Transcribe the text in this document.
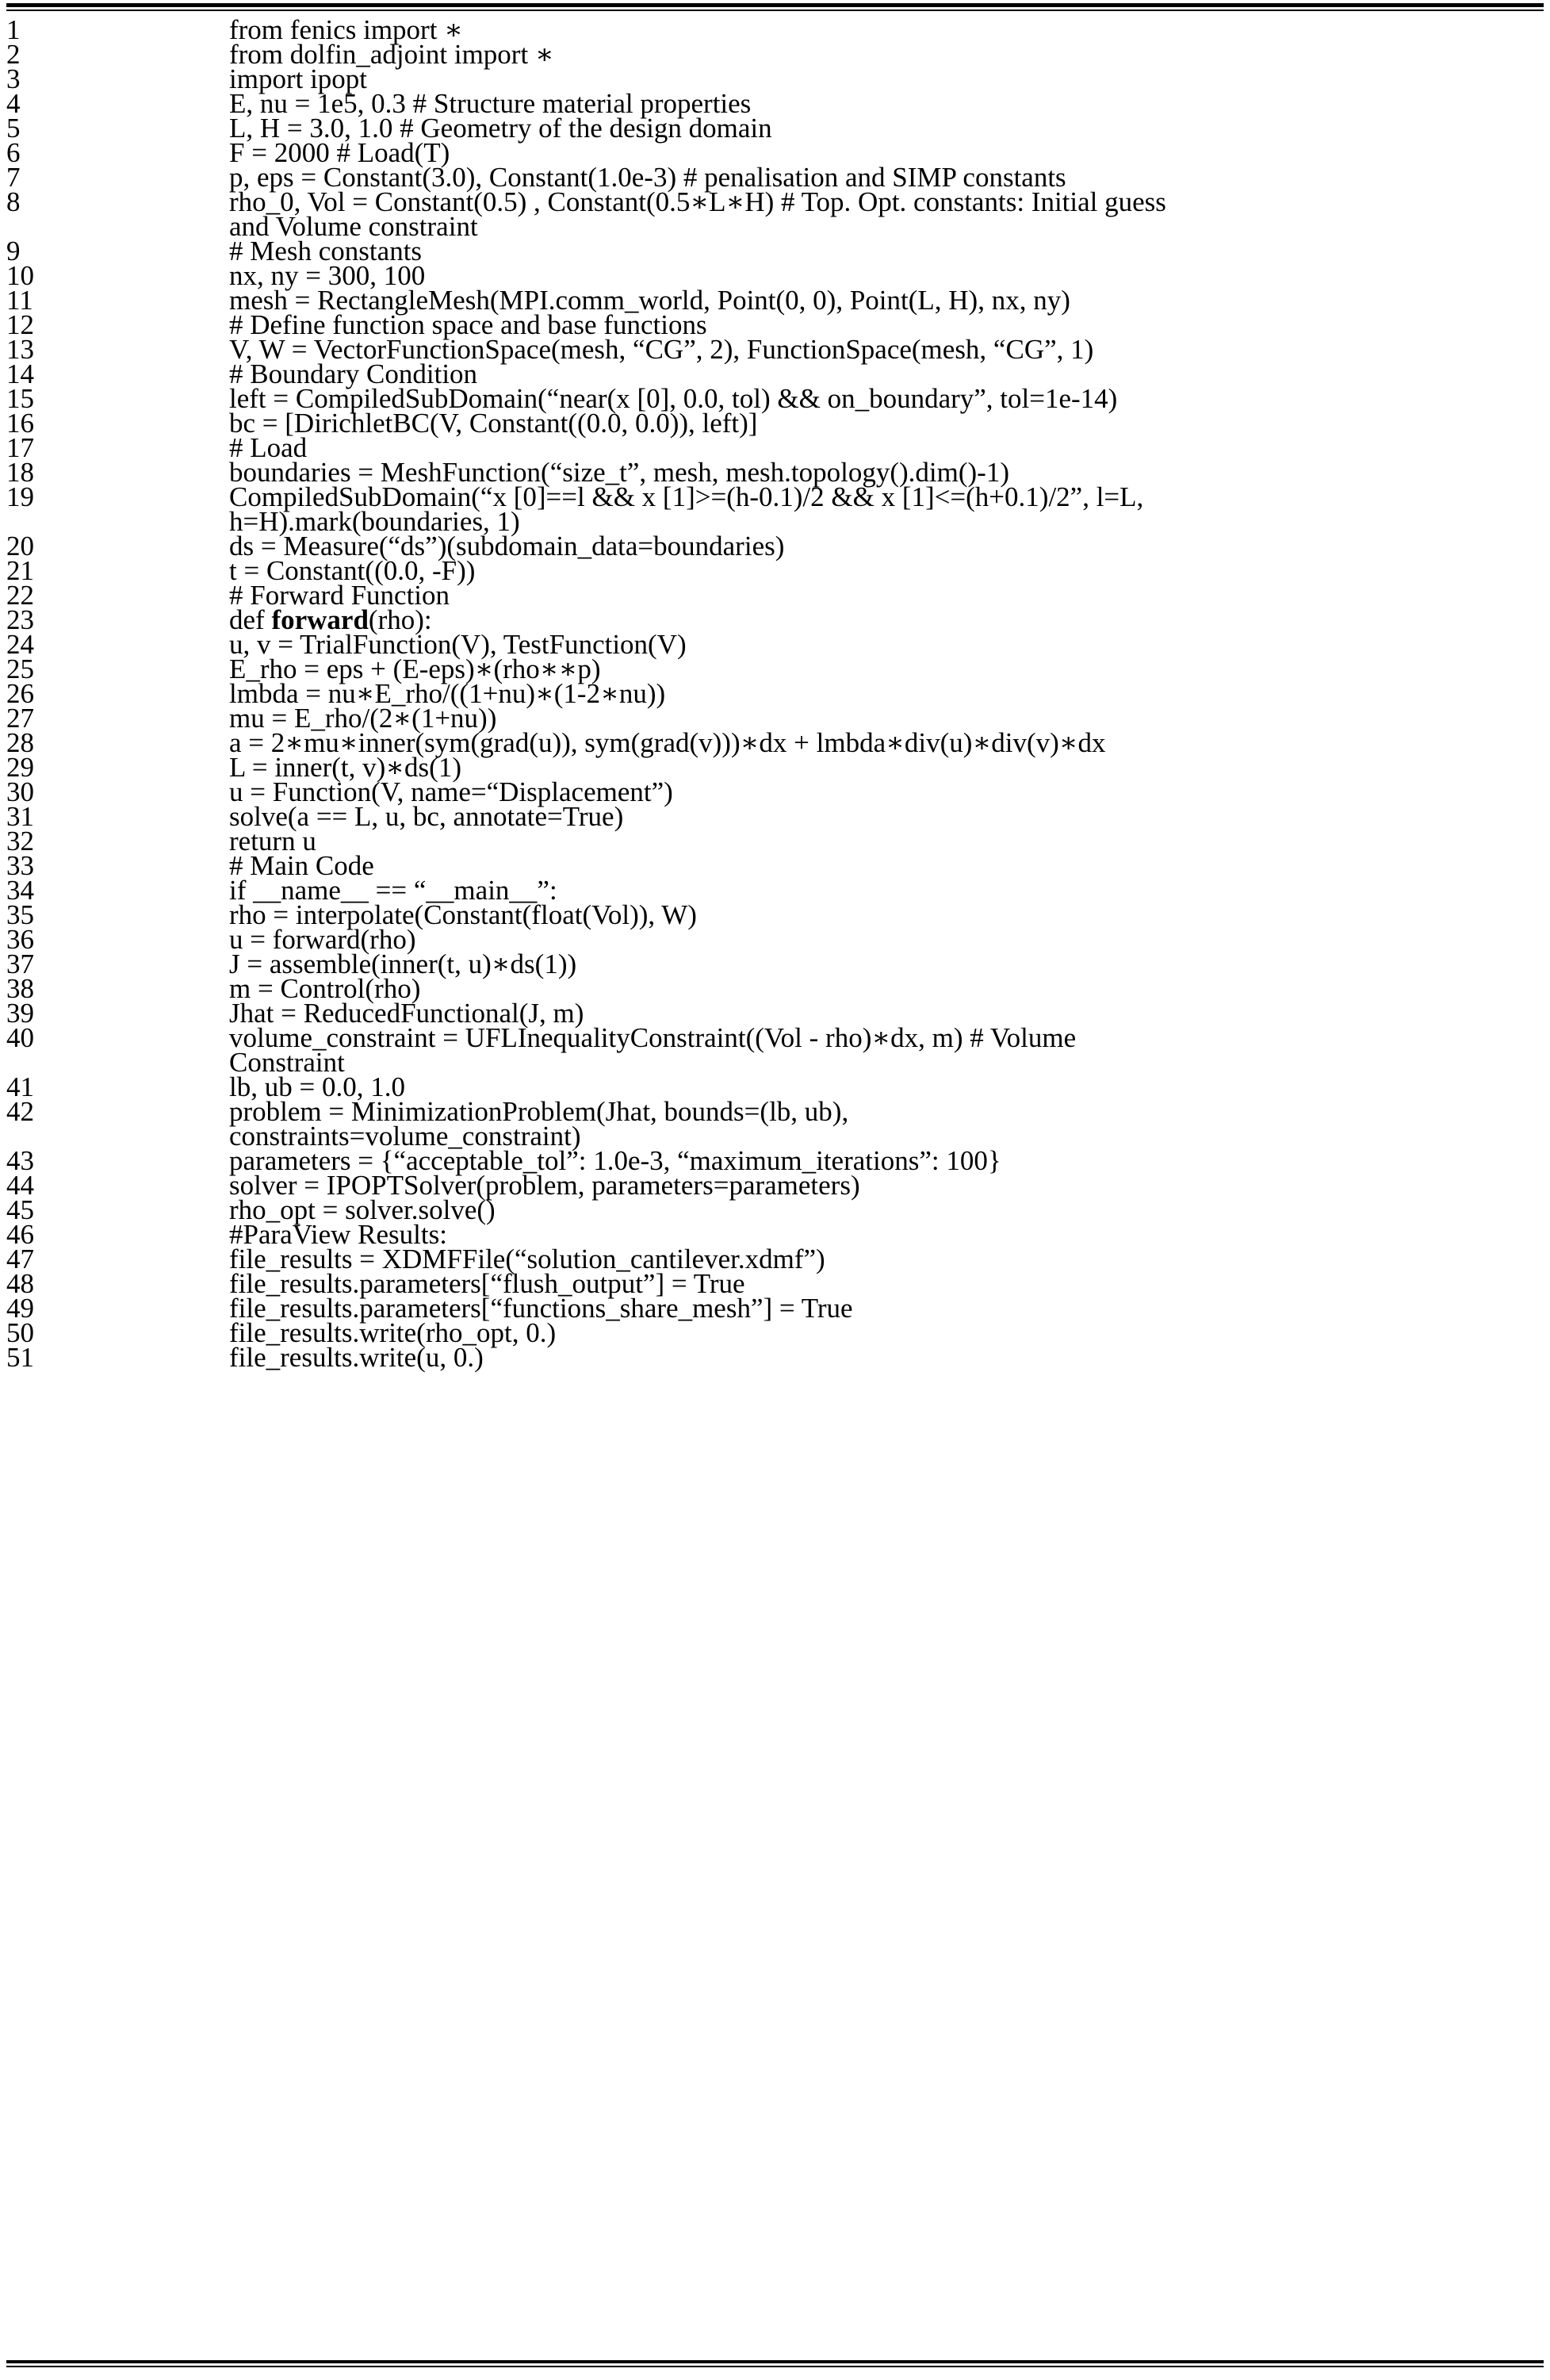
1	from fenics import ∗
2	from dolfin_adjoint import ∗
3	import ipopt
4	E, nu = 1e5, 0.3 # Structure material properties
5	L, H = 3.0, 1.0 # Geometry of the design domain
6	F = 2000 # Load(T)
7	p, eps = Constant(3.0), Constant(1.0e-3) # penalisation and SIMP constants
8	rho_0, Vol = Constant(0.5) , Constant(0.5∗L∗H) # Top. Opt. constants: Initial guess
and Volume constraint
9	# Mesh constants
10	nx, ny = 300, 100
11	mesh = RectangleMesh(MPI.comm_world, Point(0, 0), Point(L, H), nx, ny)
12	# Define function space and base functions
13	V, W = VectorFunctionSpace(mesh, “CG”, 2), FunctionSpace(mesh, “CG”, 1)
14	# Boundary Condition
15	left = CompiledSubDomain(“near(x [0], 0.0, tol) && on_boundary”, tol=1e-14)
16	bc = [DirichletBC(V, Constant((0.0, 0.0)), left)]
17	# Load
18	boundaries = MeshFunction(“size_t”, mesh, mesh.topology().dim()-1)
19	CompiledSubDomain(“x [0]==l && x [1]>=(h-0.1)/2 && x [1]<=(h+0.1)/2”, l=L,
h=H).mark(boundaries, 1)
20	ds = Measure(“ds”)(subdomain_data=boundaries)
21	t = Constant((0.0, -F))
22	# Forward Function
23	def forward(rho):
24	u, v = TrialFunction(V), TestFunction(V)
25	E_rho = eps + (E-eps)∗(rho∗∗p)
26	lmbda = nu∗E_rho/((1+nu)∗(1-2∗nu))
27	mu = E_rho/(2∗(1+nu))
28	a = 2∗mu∗inner(sym(grad(u)), sym(grad(v)))∗dx + lmbda∗div(u)∗div(v)∗dx
29	L = inner(t, v)∗ds(1)
30	u = Function(V, name=“Displacement”)
31	solve(a == L, u, bc, annotate=True)
32	return u
33	# Main Code
34	if __name__ == “__main__”:
35	rho = interpolate(Constant(float(Vol)), W)
36	u = forward(rho)
37	J = assemble(inner(t, u)∗ds(1))
38	m = Control(rho)
39	Jhat = ReducedFunctional(J, m)
40	volume_constraint = UFLInequalityConstraint((Vol - rho)∗dx, m) # Volume
Constraint
41	lb, ub = 0.0, 1.0
42	problem = MinimizationProblem(Jhat, bounds=(lb, ub),
constraints=volume_constraint)
43	parameters = {“acceptable_tol”: 1.0e-3, “maximum_iterations”: 100}
44	solver = IPOPTSolver(problem, parameters=parameters)
45	rho_opt = solver.solve()
46	#ParaView Results:
47	file_results = XDMFFile(“solution_cantilever.xdmf”)
48	file_results.parameters[“flush_output”] = True
49	file_results.parameters[“functions_share_mesh”] = True
50	file_results.write(rho_opt, 0.)
51	file_results.write(u, 0.)
